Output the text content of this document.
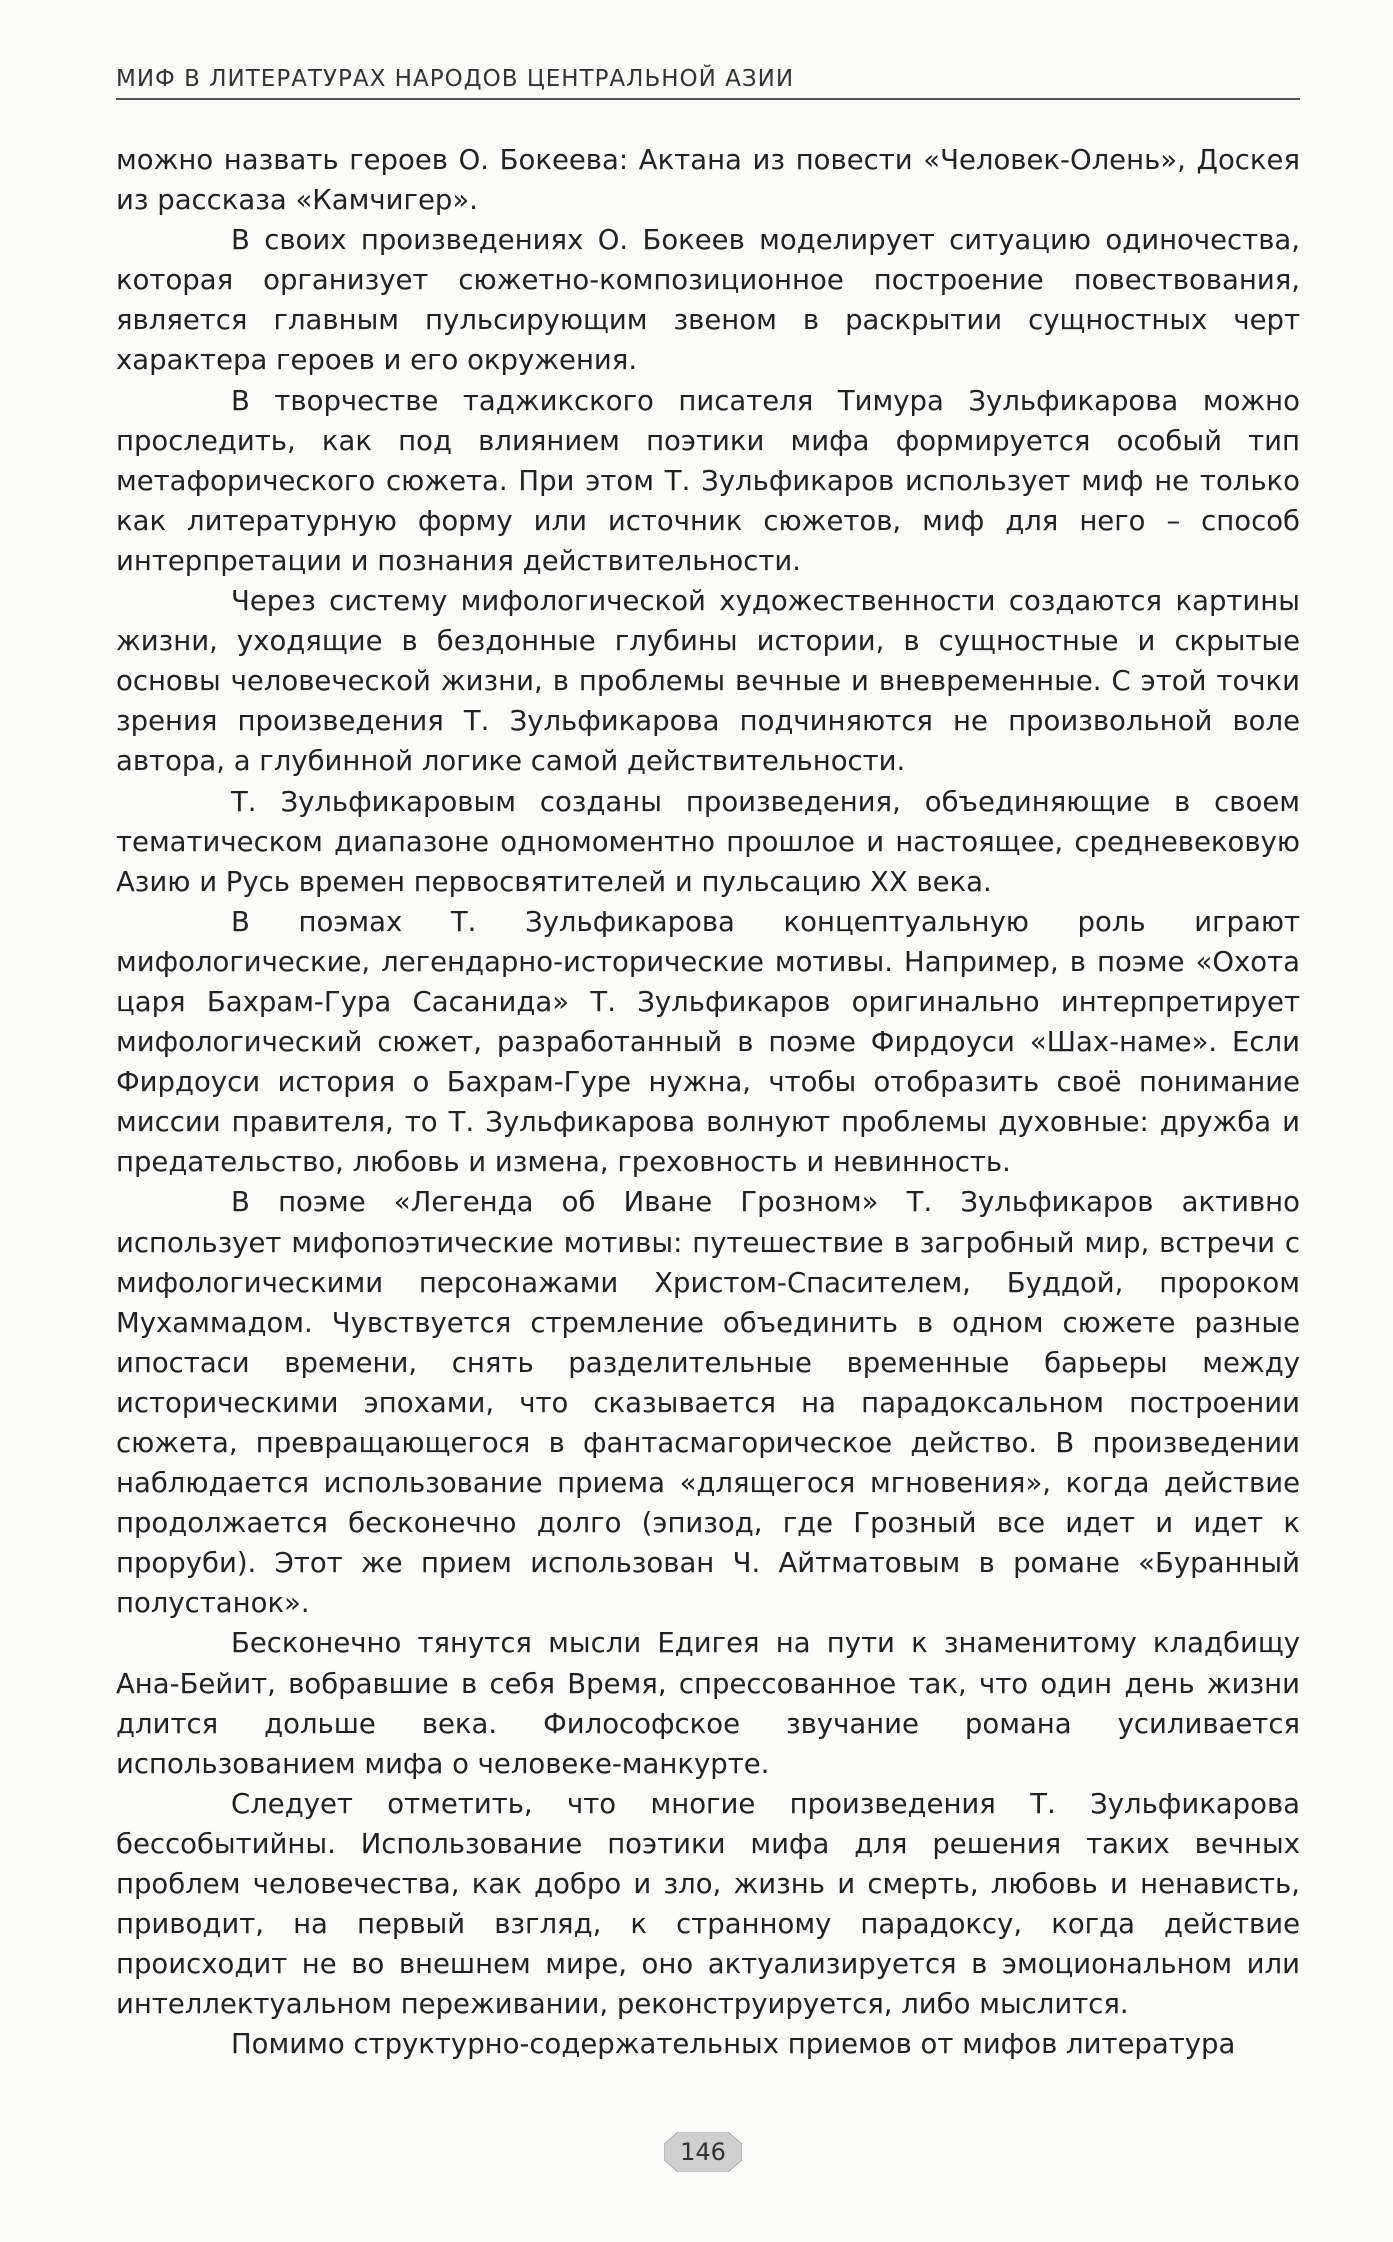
МИФ В ЛИТЕРАТУРАХ НАРОДОВ ЦЕНТРАЛЬНОЙ АЗИИ

можно назвать героев О. Бокеева: Актана из повести «Человек-Олень», Доскея из рассказа «Камчигер».

В своих произведениях О. Бокеев моделирует ситуацию одиночества, которая организует сюжетно-композиционное построение повествования, является главным пульсирующим звеном в раскрытии сущностных черт характера героев и его окружения.

В творчестве таджикского писателя Тимура Зульфикарова можно проследить, как под влиянием поэтики мифа формируется особый тип метафорического сюжета. При этом Т. Зульфикаров использует миф не только как литературную форму или источник сюжетов, миф для него – способ интерпретации и познания действительности.

Через систему мифологической художественности создаются картины жизни, уходящие в бездонные глубины истории, в сущностные и скрытые основы человеческой жизни, в проблемы вечные и вневременные. С этой точки зрения произведения Т. Зульфикарова подчиняются не произвольной воле автора, а глубинной логике самой действительности.

Т. Зульфикаровым созданы произведения, объединяющие в своем тематическом диапазоне одномоментно прошлое и настоящее, средневековую Азию и Русь времен первосвятителей и пульсацию XX века.

В поэмах Т. Зульфикарова концептуальную роль играют мифологические, легендарно-исторические мотивы. Например, в поэме «Охота царя Бахрам-Гура Сасанида» Т. Зульфикаров оригинально интерпретирует мифологический сюжет, разработанный в поэме Фирдоуси «Шах-наме». Если Фирдоуси история о Бахрам-Гуре нужна, чтобы отобразить своё понимание миссии правителя, то Т. Зульфикарова волнуют проблемы духовные: дружба и предательство, любовь и измена, греховность и невинность.

В поэме «Легенда об Иване Грозном» Т. Зульфикаров активно использует мифопоэтические мотивы: путешествие в загробный мир, встречи с мифологическими персонажами Христом-Спасителем, Буддой, пророком Мухаммадом. Чувствуется стремление объединить в одном сюжете разные ипостаси времени, снять разделительные временные барьеры между историческими эпохами, что сказывается на парадоксальном построении сюжета, превращающегося в фантасмагорическое действо. В произведении наблюдается использование приема «длящегося мгновения», когда действие продолжается бесконечно долго (эпизод, где Грозный все идет и идет к проруби). Этот же прием использован Ч. Айтматовым в романе «Буранный полустанок».

Бесконечно тянутся мысли Едигея на пути к знаменитому кладбищу Ана-Бейит, вобравшие в себя Время, спрессованное так, что один день жизни длится дольше века. Философское звучание романа усиливается использованием мифа о человеке-манкурте.

Следует отметить, что многие произведения Т. Зульфикарова бессобытийны. Использование поэтики мифа для решения таких вечных проблем человечества, как добро и зло, жизнь и смерть, любовь и ненависть, приводит, на первый взгляд, к странному парадоксу, когда действие происходит не во внешнем мире, оно актуализируется в эмоциональном или интеллектуальном переживании, реконструируется, либо мыслится.

Помимо структурно-содержательных приемов от мифов литература

146
